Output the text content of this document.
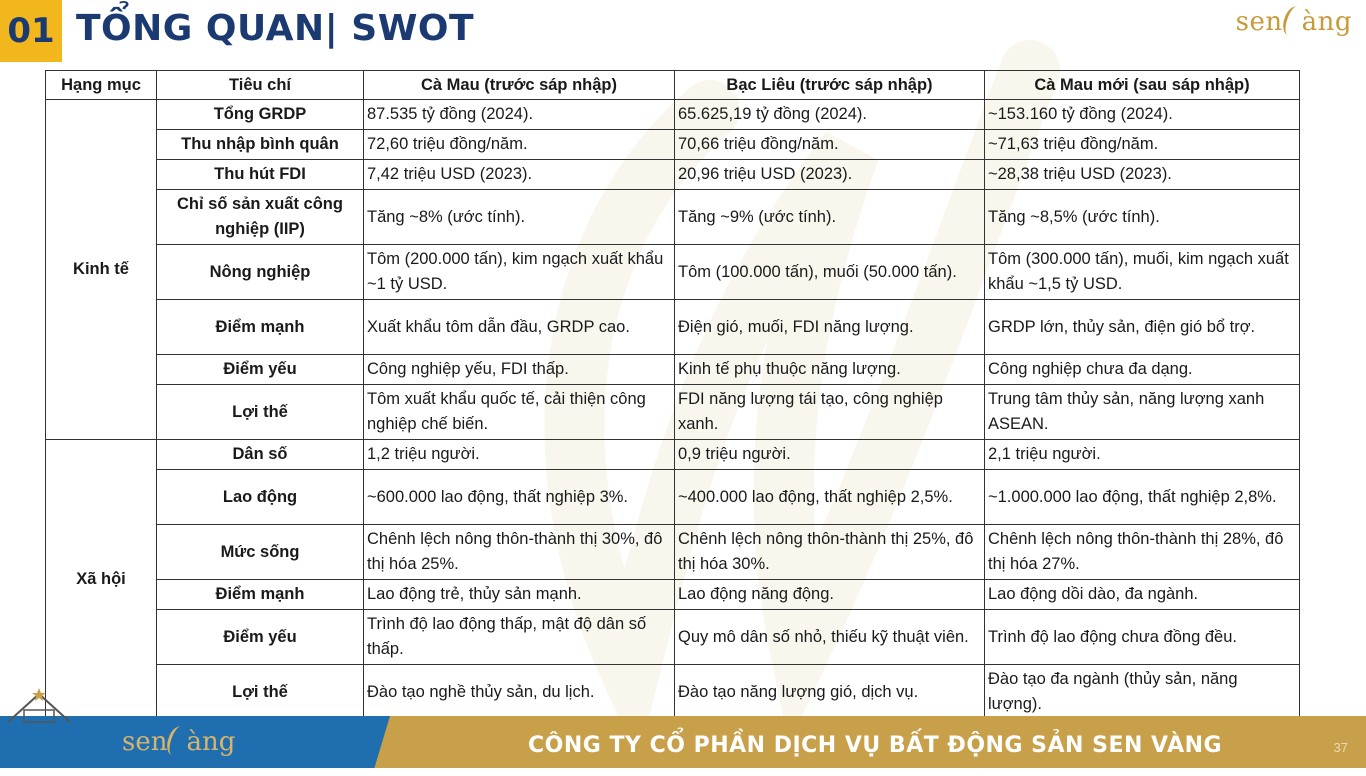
01 TỔNG QUAN| SWOT	sen àng
Hạng mục	Tiêu chí	Cà Mau (trước sáp nhập)	Bạc Liêu (trước sáp nhập)	Cà Mau mới (sau sáp nhập)
Kinh tế	Tổng GRDP	87.535 tỷ đồng (2024).	65.625,19 tỷ đồng (2024).	~153.160 tỷ đồng (2024).
	Thu nhập bình quân	72,60 triệu đồng/năm.	70,66 triệu đồng/năm.	~71,63 triệu đồng/năm.
	Thu hút FDI	7,42 triệu USD (2023).	20,96 triệu USD (2023).	~28,38 triệu USD (2023).
	Chỉ số sản xuất công nghiệp (IIP)	Tăng ~8% (ước tính).	Tăng ~9% (ước tính).	Tăng ~8,5% (ước tính).
	Nông nghiệp	Tôm (200.000 tấn), kim ngạch xuất khẩu ~1 tỷ USD.	Tôm (100.000 tấn), muối (50.000 tấn).	Tôm (300.000 tấn), muối, kim ngạch xuất khẩu ~1,5 tỷ USD.
	Điểm mạnh	Xuất khẩu tôm dẫn đầu, GRDP cao.	Điện gió, muối, FDI năng lượng.	GRDP lớn, thủy sản, điện gió bổ trợ.
	Điểm yếu	Công nghiệp yếu, FDI thấp.	Kinh tế phụ thuộc năng lượng.	Công nghiệp chưa đa dạng.
	Lợi thế	Tôm xuất khẩu quốc tế, cải thiện công nghiệp chế biến.	FDI năng lượng tái tạo, công nghiệp xanh.	Trung tâm thủy sản, năng lượng xanh ASEAN.
Xã hội	Dân số	1,2 triệu người.	0,9 triệu người.	2,1 triệu người.
	Lao động	~600.000 lao động, thất nghiệp 3%.	~400.000 lao động, thất nghiệp 2,5%.	~1.000.000 lao động, thất nghiệp 2,8%.
	Mức sống	Chênh lệch nông thôn-thành thị 30%, đô thị hóa 25%.	Chênh lệch nông thôn-thành thị 25%, đô thị hóa 30%.	Chênh lệch nông thôn-thành thị 28%, đô thị hóa 27%.
	Điểm mạnh	Lao động trẻ, thủy sản mạnh.	Lao động năng động.	Lao động dồi dào, đa ngành.
	Điểm yếu	Trình độ lao động thấp, mật độ dân số thấp.	Quy mô dân số nhỏ, thiếu kỹ thuật viên.	Trình độ lao động chưa đồng đều.
	Lợi thế	Đào tạo nghề thủy sản, du lịch.	Đào tạo năng lượng gió, dịch vụ.	Đào tạo đa ngành (thủy sản, năng lượng).
sen àng	CÔNG TY CỔ PHẦN DỊCH VỤ BẤT ĐỘNG SẢN SEN VÀNG	37
